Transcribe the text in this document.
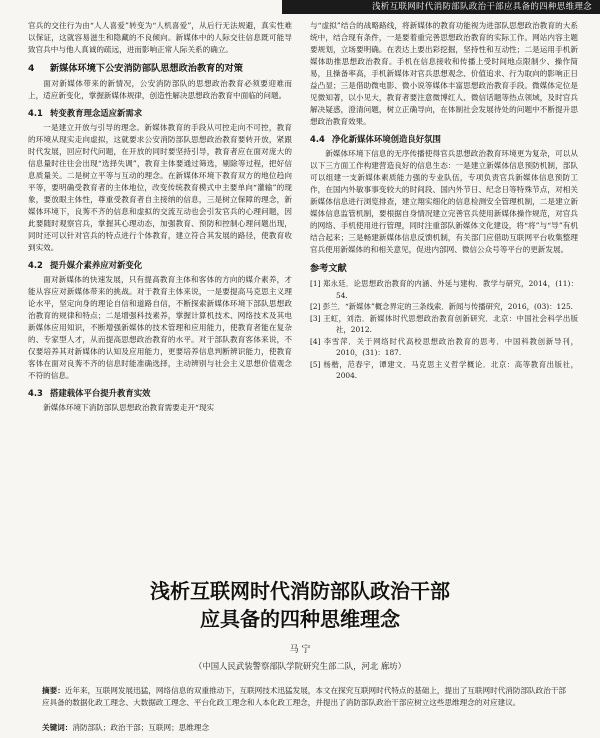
浅析互联网时代消防部队政治干部应具备的四种思维理念

官兵的交往行为由“人人喜爱”转变为“人机喜爱”，从后行无法规避，真实性难以保证，这就容易滋生和隐藏的不良倾向。新媒体中的人际交往信息既可能导致官兵中与他人真诚的疏远，进而影响正常人际关系的确立。

4 新媒体环境下公安消防部队思想政治教育的对策

面对新媒体带来的新情况，公安消防部队的思想政治教育必须要迎难而上，适应新变化，掌握新媒体规律，创造性解决思想政治教育中面临的问题。

4.1 转变教育理念适应新需求

一是建立开放与引导的理念。新媒体教育的手段从可控走向不可控，教育的环境从现实走向虚拟，这就要求公安消防部队思想政治教育要转开放，紧跟时代发展，回应时代问题，在开放的同时要坚持引导，教育者应在面对庞大的信息量时往往会出现“选择失调”，教育主体要通过筛选，剔除等过程，把好信息质量关。二是树立平等与互动的理念。在新媒体环境下教育双方的地位趋向平等，要明确受教育者的主体地位，改变传统教育模式中主要单向“灌输”的现象，要放眼主体性，尊重受教育者自主接纳的信息，三是树立保障的理念，新媒体环境下，良莠不齐的信息和虚拟的交流互动也会引发官兵的心理问题，因此要随时观察官兵，掌握其心理动态，加强教育、预防和控制心理问题出现，同时还可以针对官兵的特点进行个体教育，建立符合其发展的路径，使教育收到实效。

4.2 提升媒介素养应对新变化

面对新媒体的快速发展，只有提高教育主体和客体的方向的媒介素养，才能从容应对新媒体带来的挑战。对于教育主体来说，一是要提高马克思主义理论水平，坚定向身的理论自信和道路自信，不断探索新媒体环境下部队思想政治教育的规律和特点；二是增强科技素养，掌握计算机技术、网络技术及其电新媒体应用知识，不断增强新媒体的技术管理和应用能力，使教育者能在复杂的、专家型人才，从而提高思想政治教育的水平。对于部队教育客体来说，不仅要培养其对新媒体的认知及应用能力，更要培养信息判断辨识能力，使教育客体在面对良莠不齐的信息时能准确选择，主动辨别与社会主义思想价值观念不符的信息。

4.3 搭建载体平台提升教育实效

新媒体环境下消防部队思想政治教育需要走开“现实

与“虚拟”结合的战略路线，将新媒体的教育功能视为进部队思想政治教育的大系统中，结合现有条件，一是要着重完善思想政治教育的实际工作。网站内容主题要规划，立场要明确。在表达上要出彩挖掘，坚持性和互动性；二是运用手机新媒体助推思想政治教育。手机在信息接收和传播上受时间地点限制少、操作简易，且操备率高，手机新媒体对官兵思想观念、价值追求、行为取向的影响正日益凸显；三是借助微电影、微小说等媒体丰富思想政治教育手段。微媒体定位是见微知著，以小见大，教育者要注意微博红人、微信话题等热点领域，及时官兵解决疑惑，澄清问题，树立正确导向，在体制社会发展待处的问题中不断提升思想政治教育效果。

4.4 净化新媒体环境创造良好氛围

新媒体环境下信息的无序传播使得官兵思想政治教育环境更为复杂，可以从以下三方面工作构建营造良好的信息生态：一是建立新媒体信息预防机制，部队可以组建一支新媒体素质能力强的专业队伍，专项负责官兵新媒体信息预防工作，在国内外敏事事变较大的时间段、国内外节日、纪念日等特殊节点，对相关新媒体信息进行浏览排查，建立翔实细化的信息检测安全管理机制，二是建立新媒体信息监管机制，要根据自身情况建立完善官兵使用新媒体操作规范，对官兵的网络、手机使用进行管理，同时注重部队新媒体文化建设，将“将”与“导”有机结合起来；三是畅建新媒体信息反馈机制，有关部门应借助互联网平台收集整理官兵使用新媒体的和相关意见，促进内部网、微信公众号等平台的更新发展。

参考文献

[1] 郑永廷．论思想政治教育的内涵、外延与建构．教学与研究，2014，(11)：54.

[2] 彭兰．“新媒体”概念界定的三条线索．新闻与传播研究，2016，(03)：125.

[3] 王虹，刘浩．新媒体时代思想政治教育创新研究．北京：中国社会科学出版社，2012.

[4] 李雪萍．关于网络时代高校思想政治教育的思考．中国科教创新导刊，2010，(31)：187.

[5] 杨楷，范春宇，谭建文．马克思主义哲学概论．北京：高等教育出版社，2004.

浅析互联网时代消防部队政治干部
应具备的四种思维理念
马 宁
（中国人民武装警察部队学院研究生部二队，河北 廊坊）
摘要：近年来，互联网发展迅猛，网络信息的双重推动下，互联网技术迅猛发展，本文在探究互联网时代特点的基础上，提出了互联网时代消防部队政治干部应具备的数据化政工理念、大数据政工理念、平台化政工理念和人本化政工理念，并提出了消防部队政治干部应树立这些思维理念的对应建议。
关键词：消防部队；政治干部；互联网；思维理念
